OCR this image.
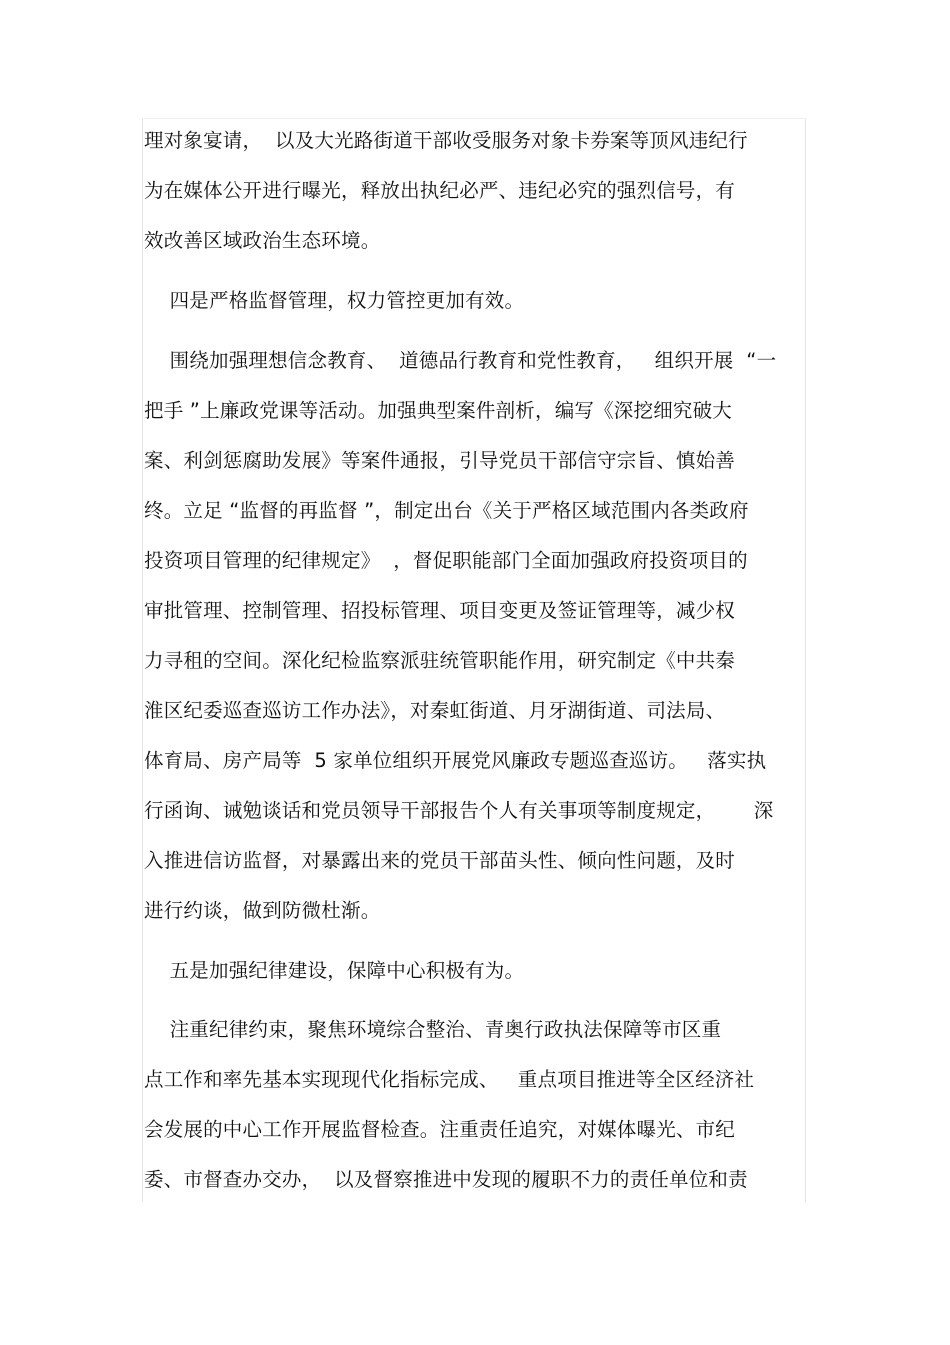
理对象宴请，  以及大光路街道干部收受服务对象卡券案等顶风违纪行
为在媒体公开进行曝光，释放出执纪必严、违纪必究的强烈信号，有
效改善区域政治生态环境。
四是严格监督管理，权力管控更加有效。
围绕加强理想信念教育、  道德品行教育和党性教育，   组织开展  “一
把手 ”上廉政党课等活动。加强典型案件剖析，编写《深挖细究破大
案、利剑惩腐助发展》等案件通报，引导党员干部信守宗旨、慎始善
终。立足 “监督的再监督 ”，制定出台《关于严格区域范围内各类政府
投资项目管理的纪律规定》  ，督促职能部门全面加强政府投资项目的
审批管理、控制管理、招投标管理、项目变更及签证管理等，减少权
力寻租的空间。深化纪检监察派驻统管职能作用，研究制定《中共秦
淮区纪委巡查巡访工作办法》，对秦虹街道、月牙湖街道、司法局、
体育局、房产局等  5 家单位组织开展党风廉政专题巡查巡访。   落实执
行函询、诫勉谈话和党员领导干部报告个人有关事项等制度规定，      深
入推进信访监督，对暴露出来的党员干部苗头性、倾向性问题，及时
进行约谈，做到防微杜渐。
五是加强纪律建设，保障中心积极有为。
注重纪律约束，聚焦环境综合整治、青奥行政执法保障等市区重
点工作和率先基本实现现代化指标完成、   重点项目推进等全区经济社
会发展的中心工作开展监督检查。注重责任追究，对媒体曝光、市纪
委、市督查办交办，  以及督察推进中发现的履职不力的责任单位和责
